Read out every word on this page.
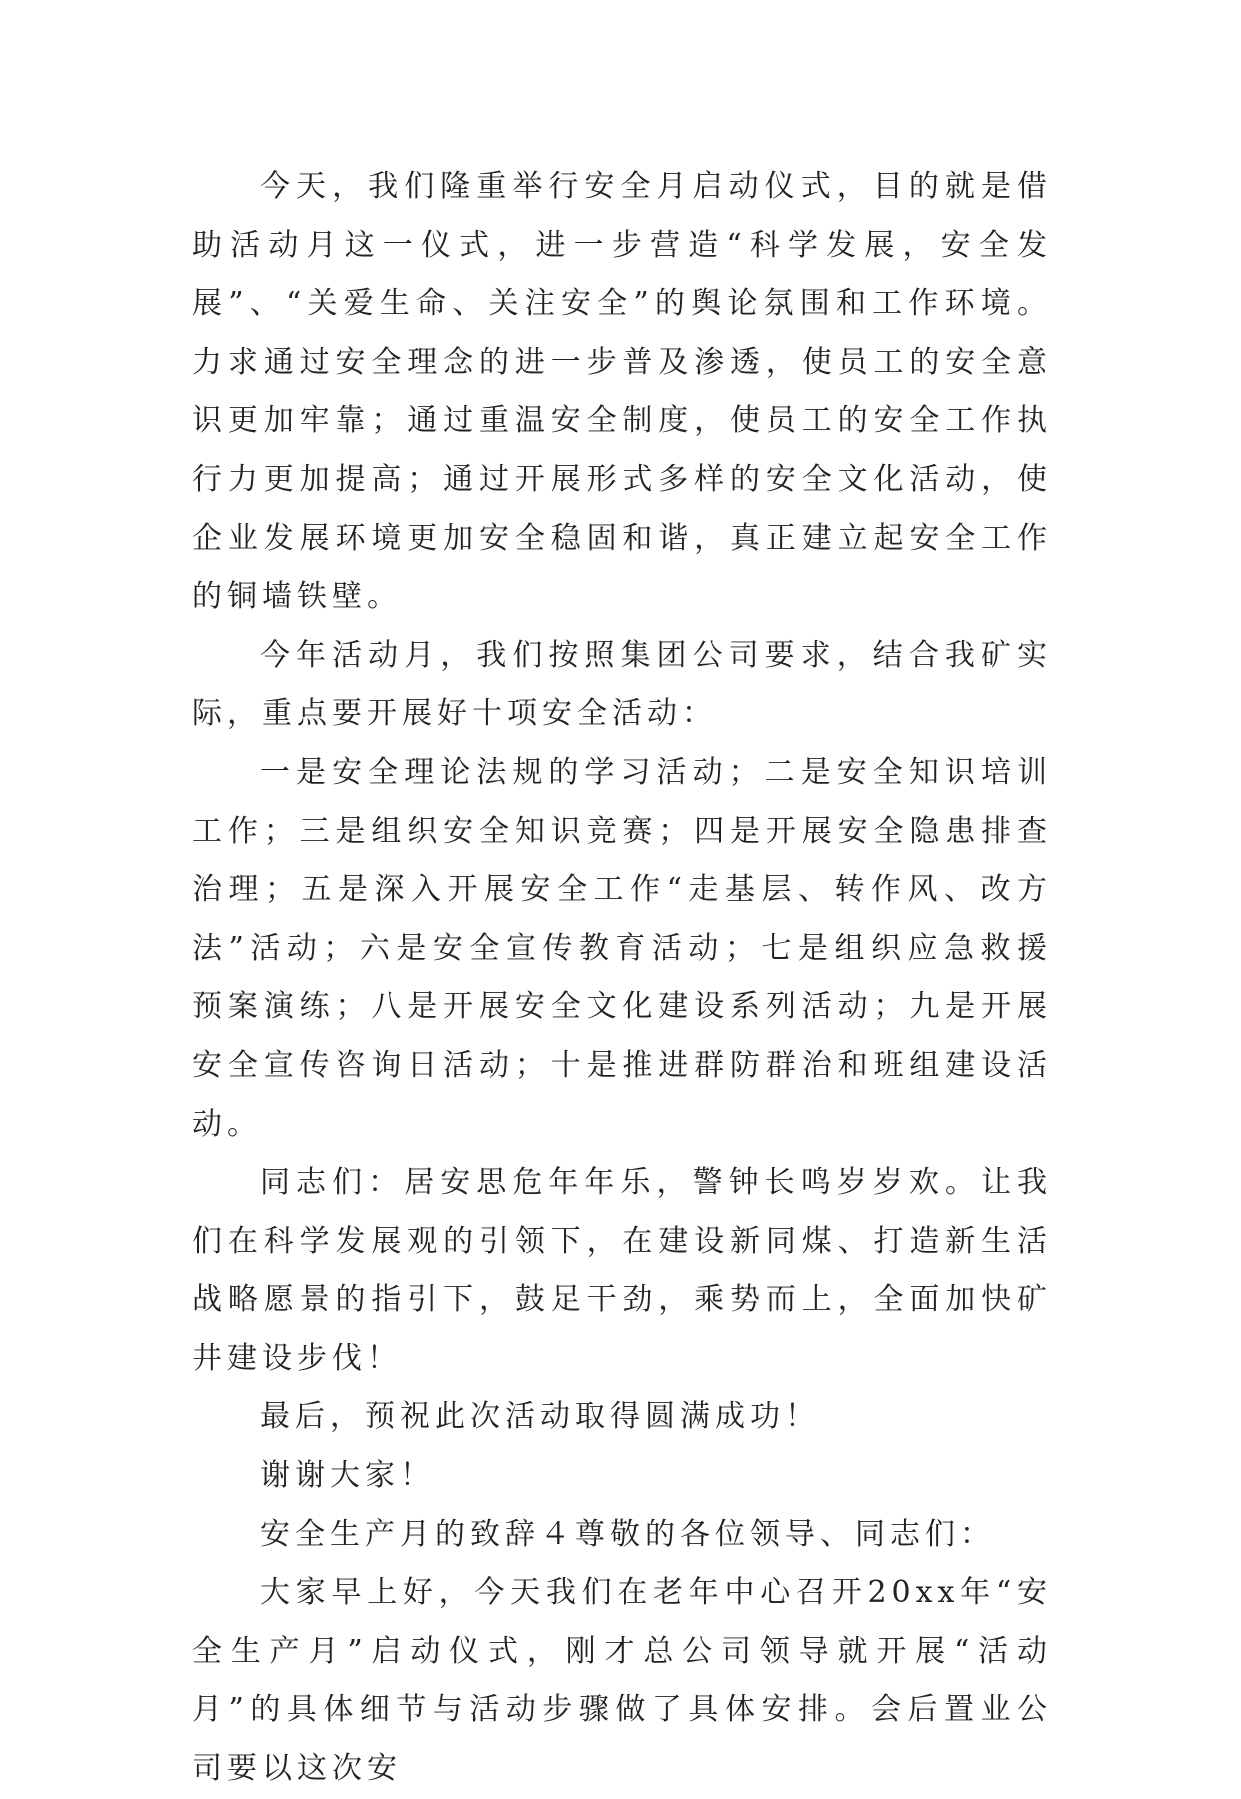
今天，我们隆重举行安全月启动仪式，目的就是借助活动月这一仪式，进一步营造“科学发展，安全发展”、“关爱生命、关注安全”的舆论氛围和工作环境。力求通过安全理念的进一步普及渗透，使员工的安全意识更加牢靠；通过重温安全制度，使员工的安全工作执行力更加提高；通过开展形式多样的安全文化活动，使企业发展环境更加安全稳固和谐，真正建立起安全工作的铜墙铁壁。

今年活动月，我们按照集团公司要求，结合我矿实际，重点要开展好十项安全活动：

一是安全理论法规的学习活动；二是安全知识培训工作；三是组织安全知识竞赛；四是开展安全隐患排查治理；五是深入开展安全工作“走基层、转作风、改方法”活动；六是安全宣传教育活动；七是组织应急救援预案演练；八是开展安全文化建设系列活动；九是开展安全宣传咨询日活动；十是推进群防群治和班组建设活动。

同志们：居安思危年年乐，警钟长鸣岁岁欢。让我们在科学发展观的引领下，在建设新同煤、打造新生活战略愿景的指引下，鼓足干劲，乘势而上，全面加快矿井建设步伐！

最后，预祝此次活动取得圆满成功！

谢谢大家！

安全生产月的致辞４尊敬的各位领导、同志们：

大家早上好，今天我们在老年中心召开20xx年“安全生产月”启动仪式，刚才总公司领导就开展“活动月”的具体细节与活动步骤做了具体安排。会后置业公司要以这次安
